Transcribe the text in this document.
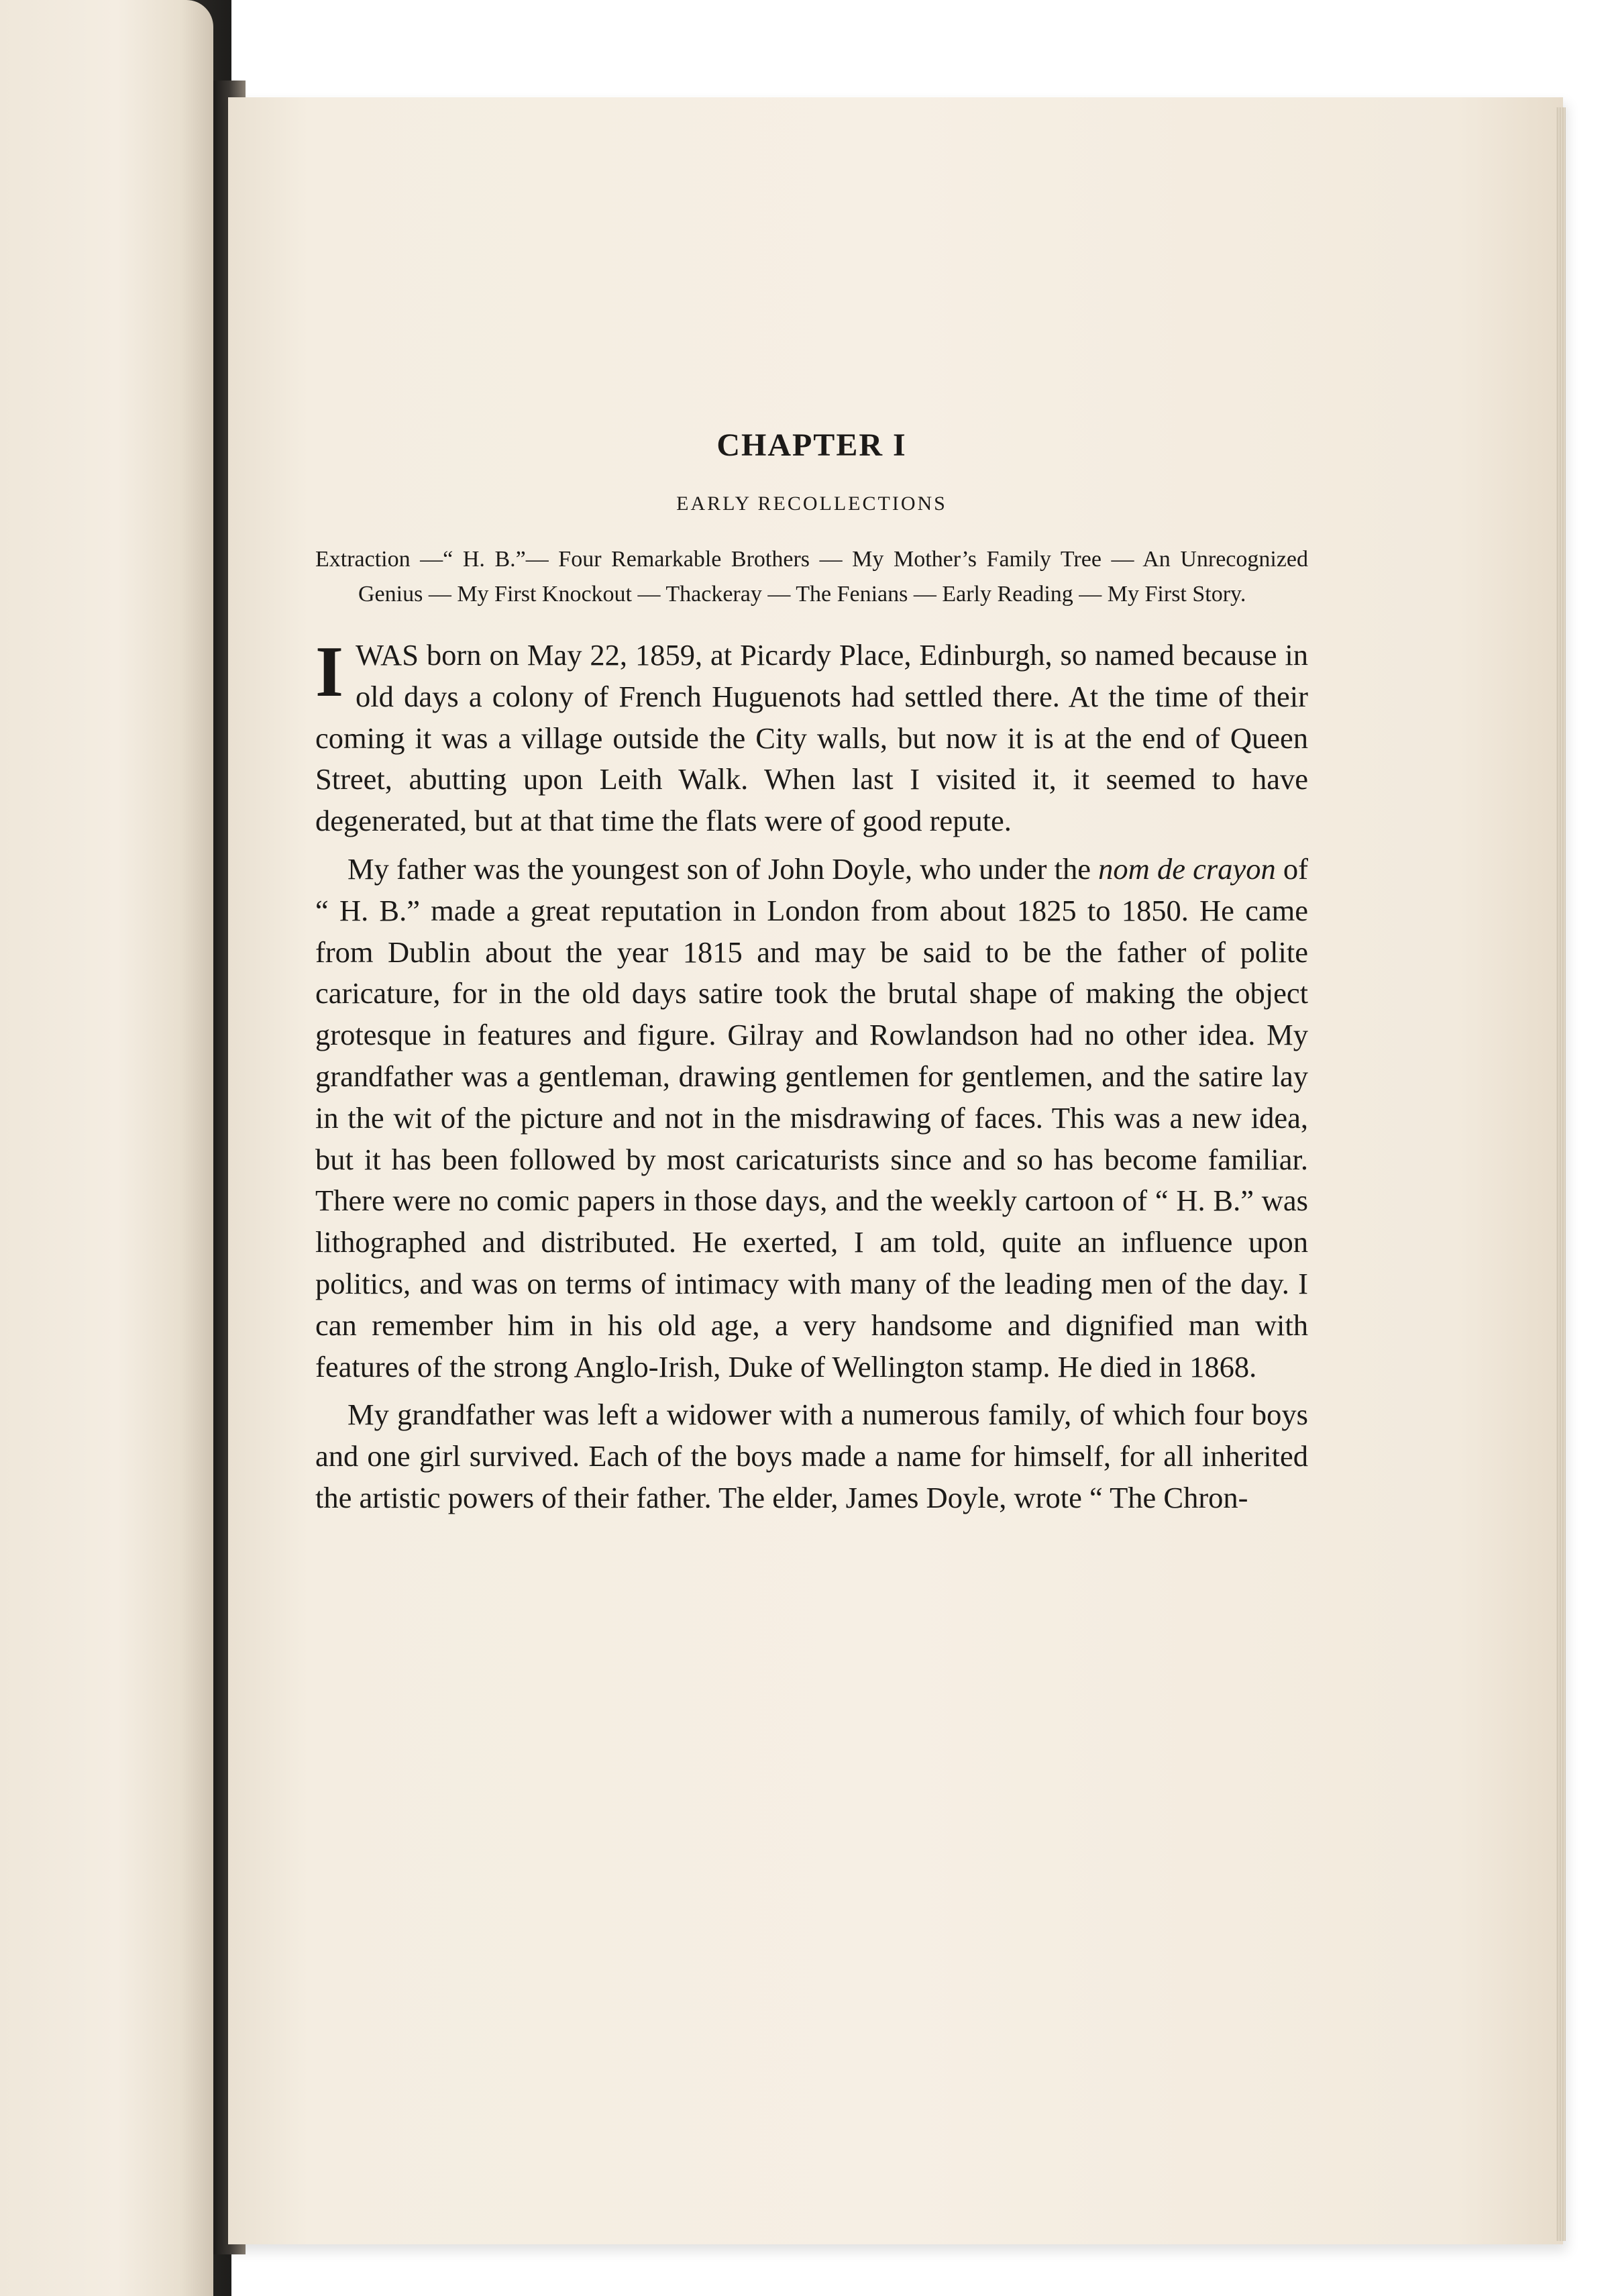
CHAPTER I
EARLY RECOLLECTIONS
Extraction —“ H. B.”— Four Remarkable Brothers — My Mother’s Family Tree — An Unrecognized Genius — My First Knockout — Thackeray — The Fenians — Early Reading — My First Story.

I WAS born on May 22, 1859, at Picardy Place, Edinburgh, so named because in old days a colony of French Huguenots had settled there. At the time of their coming it was a village outside the City walls, but now it is at the end of Queen Street, abutting upon Leith Walk. When last I visited it, it seemed to have degenerated, but at that time the flats were of good repute.

My father was the youngest son of John Doyle, who under the nom de crayon of “ H. B.” made a great reputation in London from about 1825 to 1850. He came from Dublin about the year 1815 and may be said to be the father of polite caricature, for in the old days satire took the brutal shape of making the object grotesque in features and figure. Gilray and Rowlandson had no other idea. My grandfather was a gentleman, drawing gentlemen for gentlemen, and the satire lay in the wit of the picture and not in the misdrawing of faces. This was a new idea, but it has been followed by most caricaturists since and so has become familiar. There were no comic papers in those days, and the weekly cartoon of “ H. B.” was lithographed and distributed. He exerted, I am told, quite an influence upon politics, and was on terms of intimacy with many of the leading men of the day. I can remember him in his old age, a very handsome and dignified man with features of the strong Anglo-Irish, Duke of Wellington stamp. He died in 1868.

My grandfather was left a widower with a numerous family, of which four boys and one girl survived. Each of the boys made a name for himself, for all inherited the artistic powers of their father. The elder, James Doyle, wrote “ The Chron-
